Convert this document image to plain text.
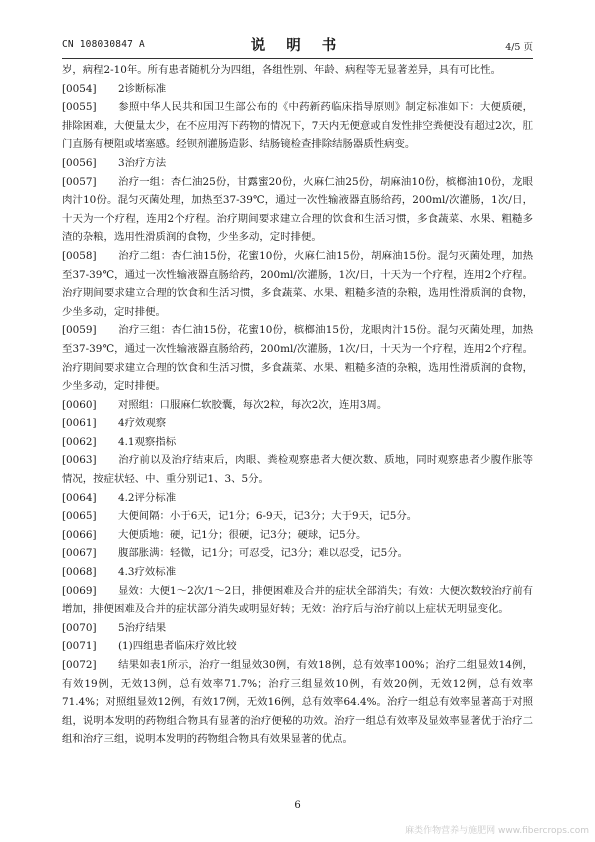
CN 108030847 A	说 明 书	4/5 页

岁，病程2-10年。所有患者随机分为四组，各组性别、年龄、病程等无显著差异，具有可比性。

[0054] 2诊断标准

[0055] 参照中华人民共和国卫生部公布的《中药新药临床指导原则》制定标准如下：大便质硬，排除困难，大便量太少，在不应用泻下药物的情况下，7天内无便意或自发性排空粪便没有超过2次，肛门直肠有梗阻或堵塞感。经钡剂灌肠造影、结肠镜检查排除结肠器质性病变。

[0056] 3治疗方法

[0057] 治疗一组：杏仁油25份，甘露蜜20份，火麻仁油25份，胡麻油10份，槟榔油10份，龙眼肉汁10份。混匀灭菌处理，加热至37-39℃，通过一次性输液器直肠给药，200ml/次灌肠，1次/日，十天为一个疗程，连用2个疗程。治疗期间要求建立合理的饮食和生活习惯，多食蔬菜、水果、粗糙多渣的杂粮，选用性滑质润的食物，少坐多动，定时排便。

[0058] 治疗二组：杏仁油15份，花蜜10份，火麻仁油15份，胡麻油15份。混匀灭菌处理，加热至37-39℃，通过一次性输液器直肠给药，200ml/次灌肠，1次/日，十天为一个疗程，连用2个疗程。治疗期间要求建立合理的饮食和生活习惯，多食蔬菜、水果、粗糙多渣的杂粮，选用性滑质润的食物，少坐多动，定时排便。

[0059] 治疗三组：杏仁油15份，花蜜10份，槟榔油15份，龙眼肉汁15份。混匀灭菌处理，加热至37-39℃，通过一次性输液器直肠给药，200ml/次灌肠，1次/日，十天为一个疗程，连用2个疗程。治疗期间要求建立合理的饮食和生活习惯，多食蔬菜、水果、粗糙多渣的杂粮，选用性滑质润的食物，少坐多动，定时排便。

[0060] 对照组：口服麻仁软胶囊，每次2粒，每次2次，连用3周。

[0061] 4疗效观察

[0062] 4.1观察指标

[0063] 治疗前以及治疗结束后，肉眼、粪检观察患者大便次数、质地，同时观察患者少腹作胀等情况，按症状轻、中、重分别记1、3、5分。

[0064] 4.2评分标准

[0065] 大便间隔：小于6天，记1分；6-9天，记3分；大于9天，记5分。

[0066] 大便质地：硬，记1分；很硬，记3分；硬球，记5分。

[0067] 腹部胀满：轻微，记1分；可忍受，记3分；难以忍受，记5分。

[0068] 4.3疗效标准

[0069] 显效：大便1～2次/1～2日，排便困难及合并的症状全部消失；有效：大便次数较治疗前有增加，排便困难及合并的症状部分消失或明显好转；无效：治疗后与治疗前以上症状无明显变化。

[0070] 5治疗结果

[0071] (1)四组患者临床疗效比较

[0072] 结果如表1所示，治疗一组显效30例，有效18例，总有效率100%；治疗二组显效14例，有效19例，无效13例，总有效率71.7%；治疗三组显效10例，有效20例，无效12例，总有效率71.4%；对照组显效12例，有效17例，无效16例，总有效率64.4%。治疗一组总有效率显著高于对照组，说明本发明的药物组合物具有显著的治疗便秘的功效。治疗一组总有效率及显效率显著优于治疗二组和治疗三组，说明本发明的药物组合物具有效果显著的优点。

6
麻类作物营养与施肥网 www.fibercrops.com
